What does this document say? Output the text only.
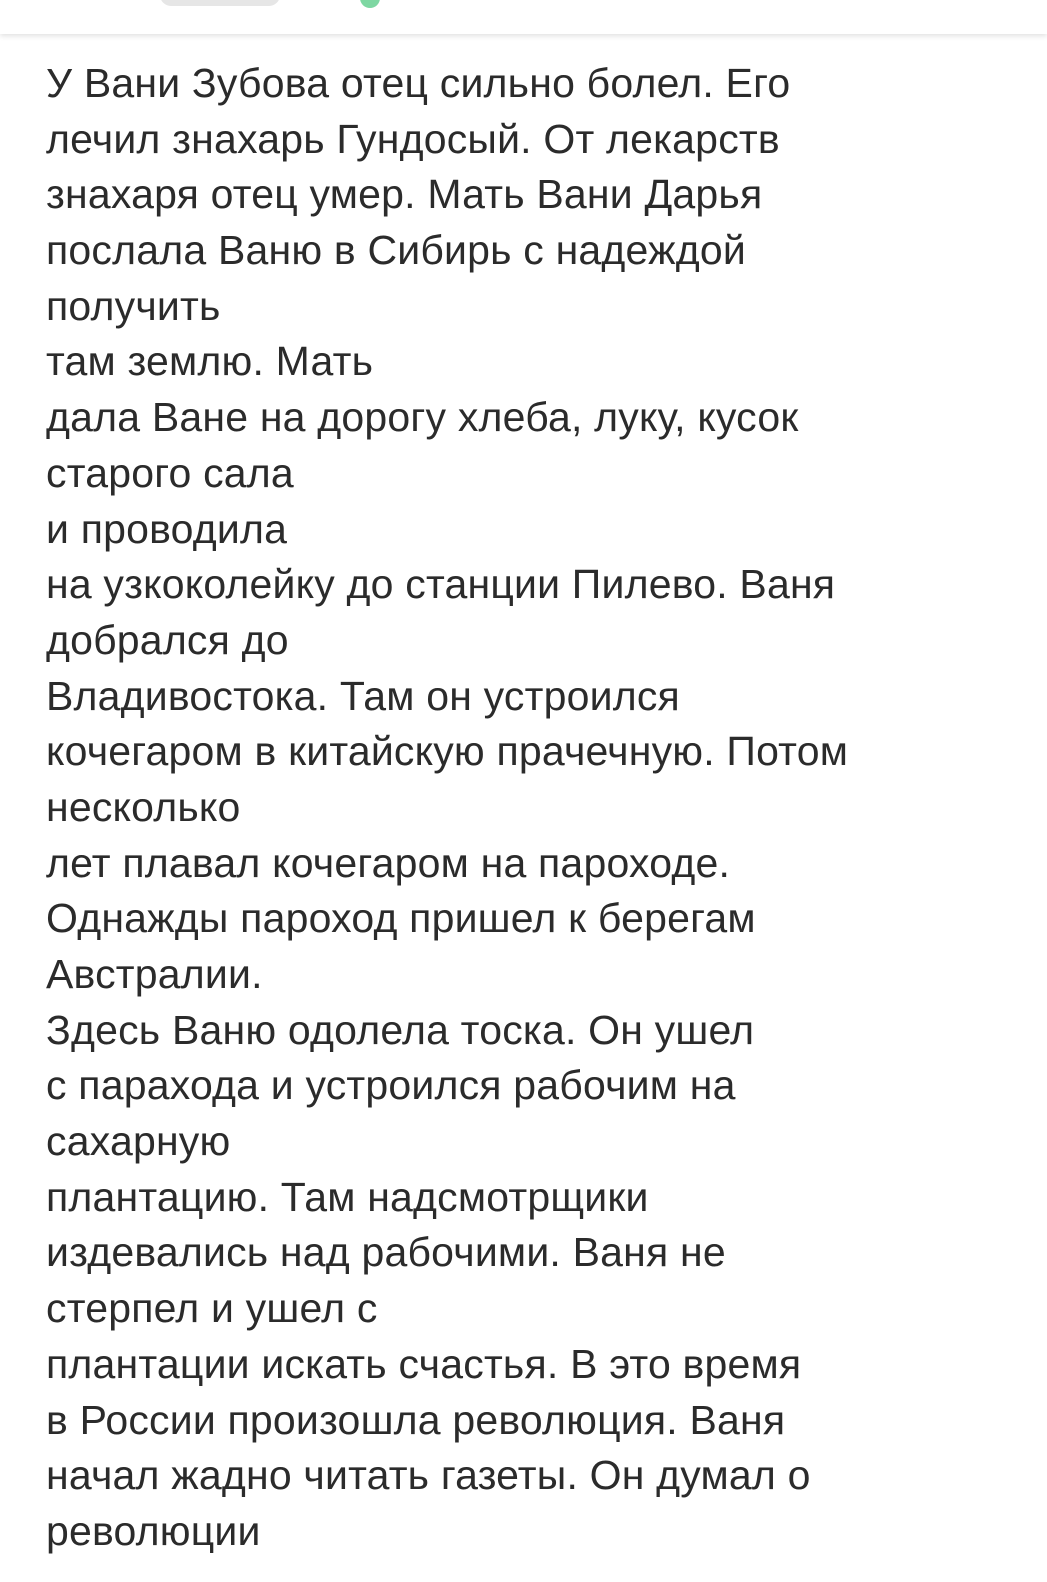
У Вани Зубова отец сильно болел. Его
лечил знахарь Гундосый. От лекарств
знахаря отец умер. Мать Вани Дарья
послала Ваню в Сибирь с надеждой
получить
там землю. Мать
дала Ване на дорогу хлеба, луку, кусок
старого сала
и проводила
на узкоколейку до станции Пилево. Ваня
добрался до
Владивостока. Там он устроился
кочегаром в китайскую прачечную. Потом
несколько
лет плавал кочегаром на пароходе.
Однажды пароход пришел к берегам
Австралии.
Здесь Ваню одолела тоска. Он ушел
с парахода и устроился рабочим на
сахарную
плантацию. Там надсмотрщики
издевались над рабочими. Ваня не
стерпел и ушел с
плантации искать счастья. В это время
в России произошла революция. Ваня
начал жадно читать газеты. Он думал о
революции
